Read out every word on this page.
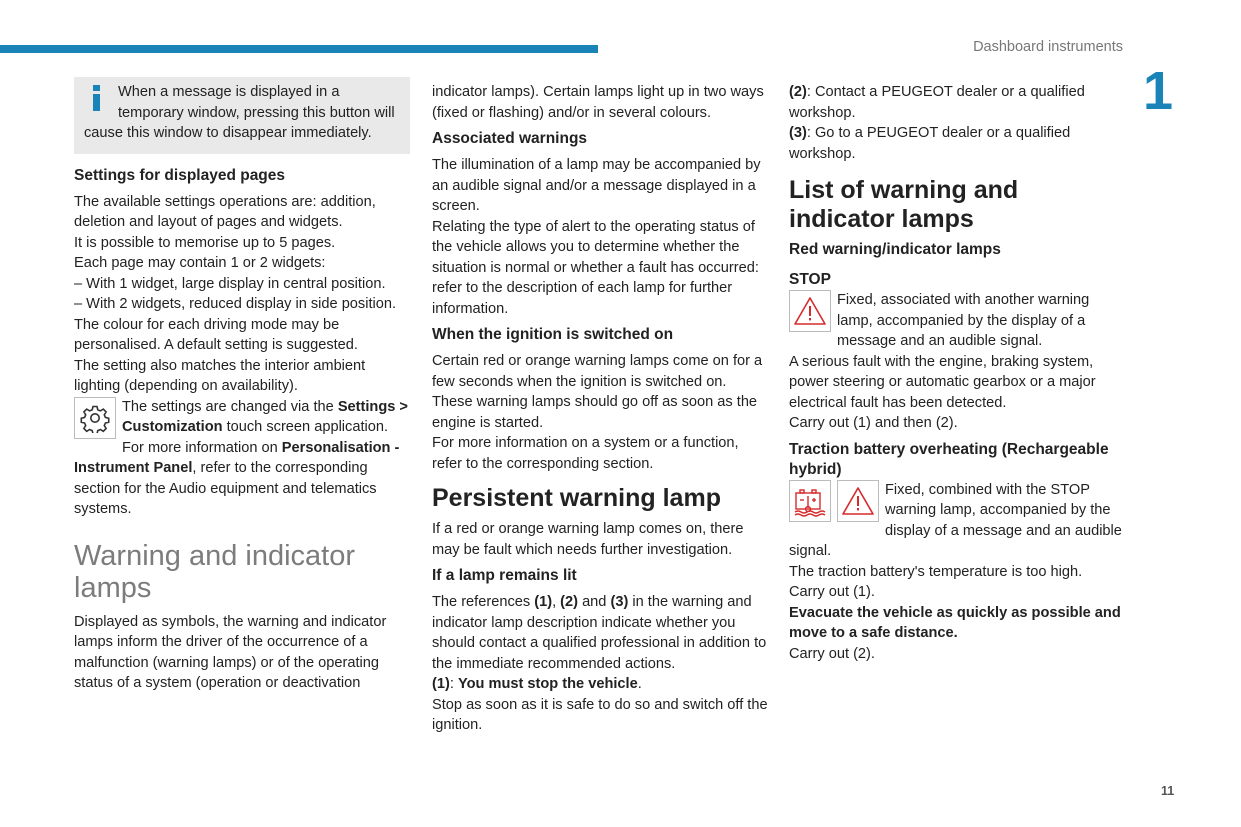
Dashboard instruments
1
11

When a message is displayed in a temporary window, pressing this button will cause this window to disappear immediately.

Settings for displayed pages

The available settings operations are: addition, deletion and layout of pages and widgets.

It is possible to memorise up to 5 pages.

Each page may contain 1 or 2 widgets:

– With 1 widget, large display in central position.

– With 2 widgets, reduced display in side position.

The colour for each driving mode may be personalised. A default setting is suggested.

The setting also matches the interior ambient lighting (depending on availability).

The settings are changed via the Settings > Customization touch screen application.

For more information on Personalisation - Instrument Panel, refer to the corresponding section for the Audio equipment and telematics systems.

Warning and indicator lamps

Displayed as symbols, the warning and indicator lamps inform the driver of the occurrence of a malfunction (warning lamps) or of the operating status of a system (operation or deactivation

indicator lamps). Certain lamps light up in two ways (fixed or flashing) and/or in several colours.

Associated warnings

The illumination of a lamp may be accompanied by an audible signal and/or a message displayed in a screen.

Relating the type of alert to the operating status of the vehicle allows you to determine whether the situation is normal or whether a fault has occurred: refer to the description of each lamp for further information.

When the ignition is switched on

Certain red or orange warning lamps come on for a few seconds when the ignition is switched on. These warning lamps should go off as soon as the engine is started.

For more information on a system or a function, refer to the corresponding section.

Persistent warning lamp

If a red or orange warning lamp comes on, there may be fault which needs further investigation.

If a lamp remains lit

The references (1), (2) and (3) in the warning and indicator lamp description indicate whether you should contact a qualified professional in addition to the immediate recommended actions.

(1): You must stop the vehicle.

Stop as soon as it is safe to do so and switch off the ignition.

(2): Contact a PEUGEOT dealer or a qualified workshop.

(3): Go to a PEUGEOT dealer or a qualified workshop.

List of warning and indicator lamps

Red warning/indicator lamps

STOP

Fixed, associated with another warning lamp, accompanied by the display of a message and an audible signal.

A serious fault with the engine, braking system, power steering or automatic gearbox or a major electrical fault has been detected.

Carry out (1) and then (2).

Traction battery overheating (Rechargeable hybrid)

Fixed, combined with the STOP warning lamp, accompanied by the display of a message and an audible signal.

The traction battery's temperature is too high.

Carry out (1).

Evacuate the vehicle as quickly as possible and move to a safe distance.

Carry out (2).
